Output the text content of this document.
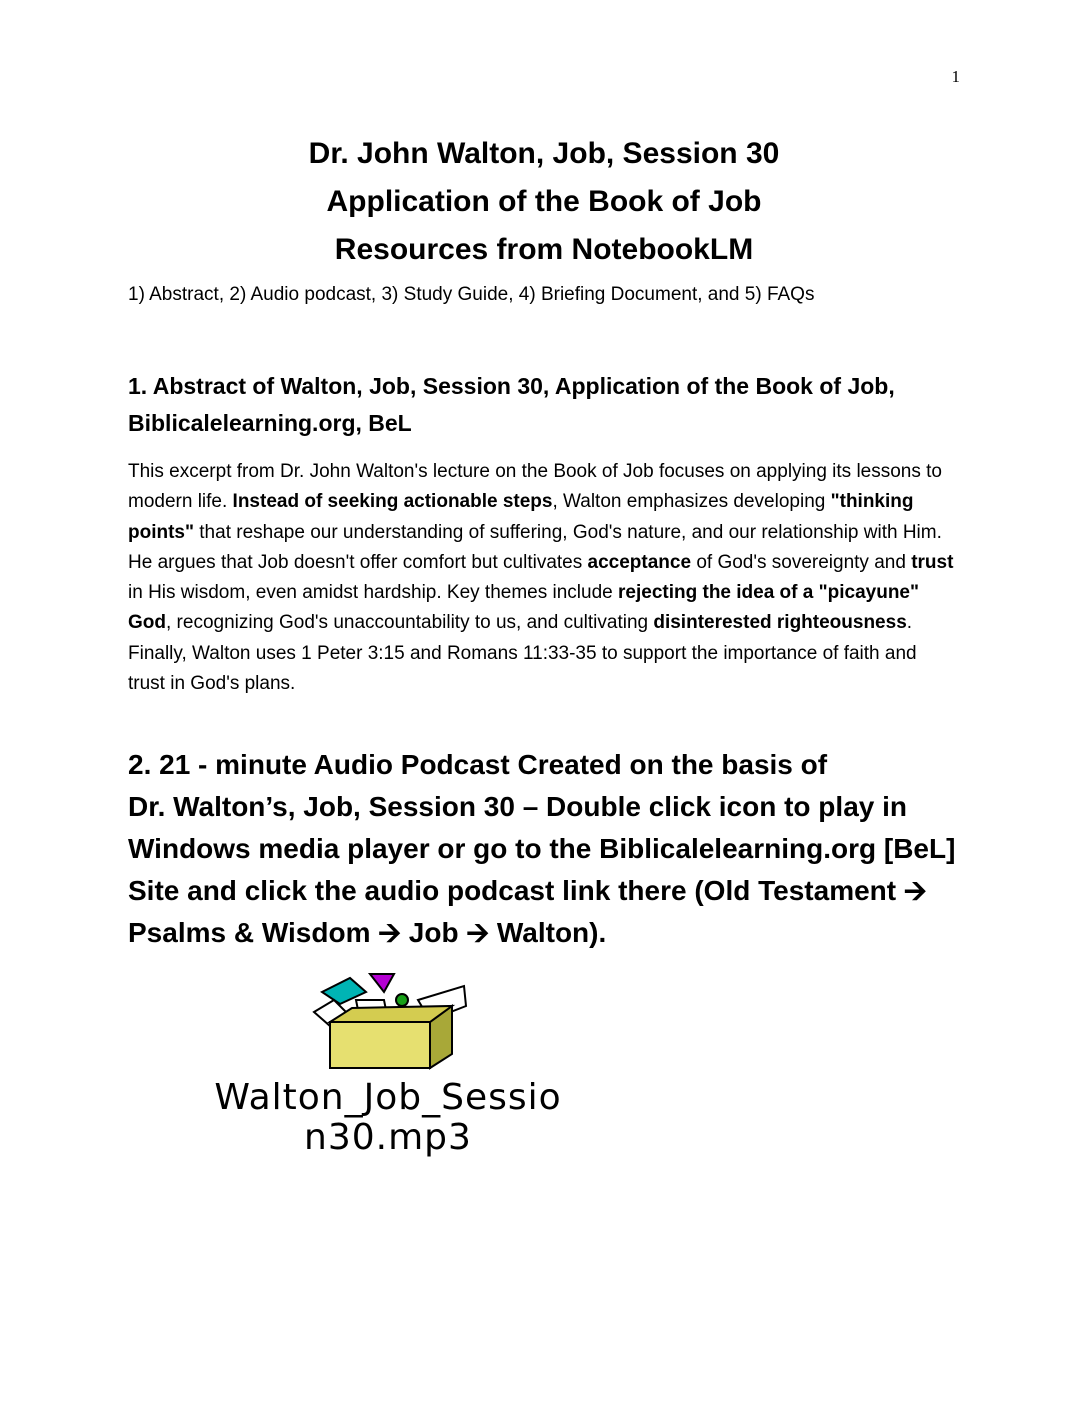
1
Dr. John Walton, Job, Session 30
Application of the Book of Job
Resources from NotebookLM
1) Abstract, 2) Audio podcast, 3) Study Guide, 4) Briefing Document, and 5) FAQs
1. Abstract of Walton, Job, Session 30, Application of the Book of Job, Biblicalelearning.org, BeL
This excerpt from Dr. John Walton's lecture on the Book of Job focuses on applying its lessons to modern life. Instead of seeking actionable steps, Walton emphasizes developing "thinking points" that reshape our understanding of suffering, God's nature, and our relationship with Him. He argues that Job doesn't offer comfort but cultivates acceptance of God's sovereignty and trust in His wisdom, even amidst hardship. Key themes include rejecting the idea of a "picayune" God, recognizing God's unaccountability to us, and cultivating disinterested righteousness. Finally, Walton uses 1 Peter 3:15 and Romans 11:33-35 to support the importance of faith and trust in God's plans.
2. 21 - minute Audio Podcast Created on the basis of
Dr. Walton’s, Job, Session 30 – Double click icon to play in Windows media player or go to the Biblicalelearning.org [BeL] Site and click the audio podcast link there (Old Testament 🡪 Psalms & Wisdom 🡪 Job 🡪 Walton).
Walton_Job_Sessio
n30.mp3
